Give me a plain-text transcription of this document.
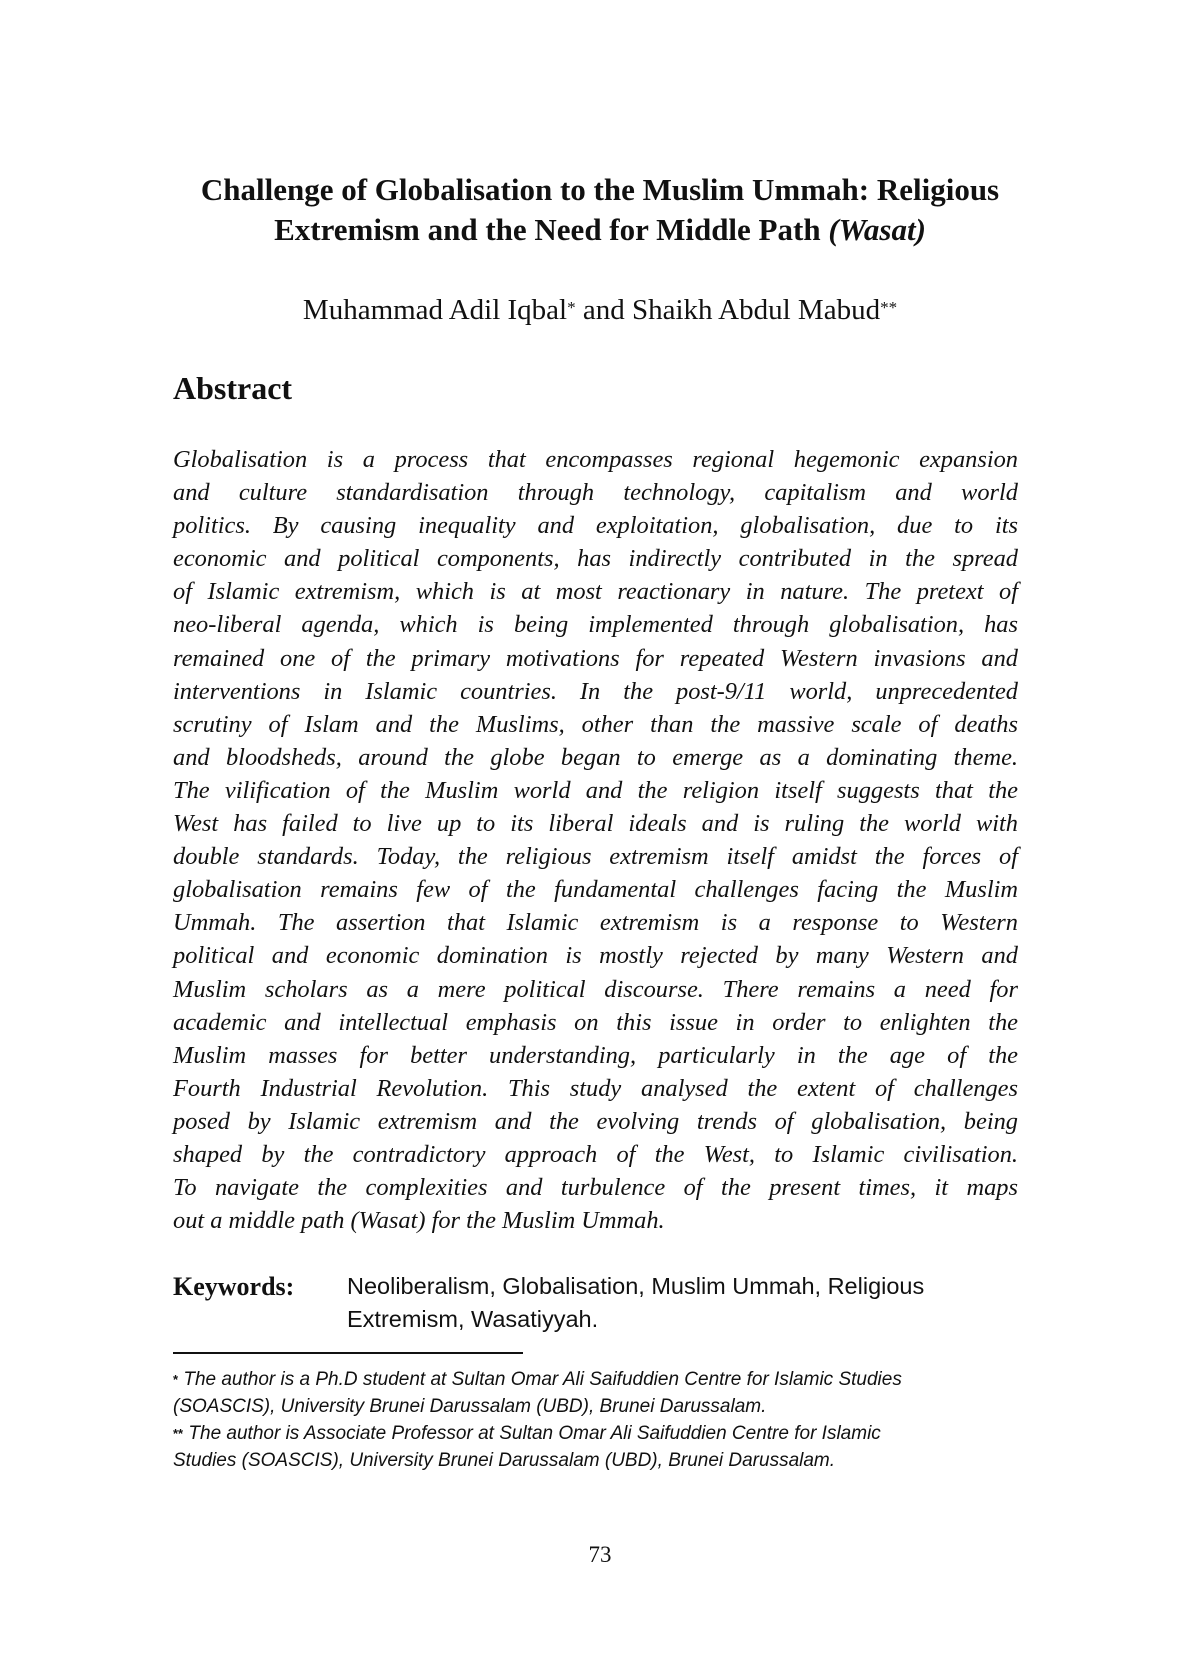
Challenge of Globalisation to the Muslim Ummah: Religious
Extremism and the Need for Middle Path (Wasat)

Muhammad Adil Iqbal* and Shaikh Abdul Mabud**

Abstract
Globalisation is a process that encompasses regional hegemonic expansion
and culture standardisation through technology, capitalism and world
politics. By causing inequality and exploitation, globalisation, due to its
economic and political components, has indirectly contributed in the spread
of Islamic extremism, which is at most reactionary in nature. The pretext of
neo-liberal agenda, which is being implemented through globalisation, has
remained one of the primary motivations for repeated Western invasions and
interventions in Islamic countries. In the post-9/11 world, unprecedented
scrutiny of Islam and the Muslims, other than the massive scale of deaths
and bloodsheds, around the globe began to emerge as a dominating theme.
The vilification of the Muslim world and the religion itself suggests that the
West has failed to live up to its liberal ideals and is ruling the world with
double standards. Today, the religious extremism itself amidst the forces of
globalisation remains few of the fundamental challenges facing the Muslim
Ummah. The assertion that Islamic extremism is a response to Western
political and economic domination is mostly rejected by many Western and
Muslim scholars as a mere political discourse. There remains a need for
academic and intellectual emphasis on this issue in order to enlighten the
Muslim masses for better understanding, particularly in the age of the
Fourth Industrial Revolution. This study analysed the extent of challenges
posed by Islamic extremism and the evolving trends of globalisation, being
shaped by the contradictory approach of the West, to Islamic civilisation.
To navigate the complexities and turbulence of the present times, it maps
out a middle path (Wasat) for the Muslim Ummah.
Keywords: Neoliberalism, Globalisation, Muslim Ummah, Religious
Extremism, Wasatiyyah.
* The author is a Ph.D student at Sultan Omar Ali Saifuddien Centre for Islamic Studies
(SOASCIS), University Brunei Darussalam (UBD), Brunei Darussalam.
** The author is Associate Professor at Sultan Omar Ali Saifuddien Centre for Islamic
Studies (SOASCIS), University Brunei Darussalam (UBD), Brunei Darussalam.

73
